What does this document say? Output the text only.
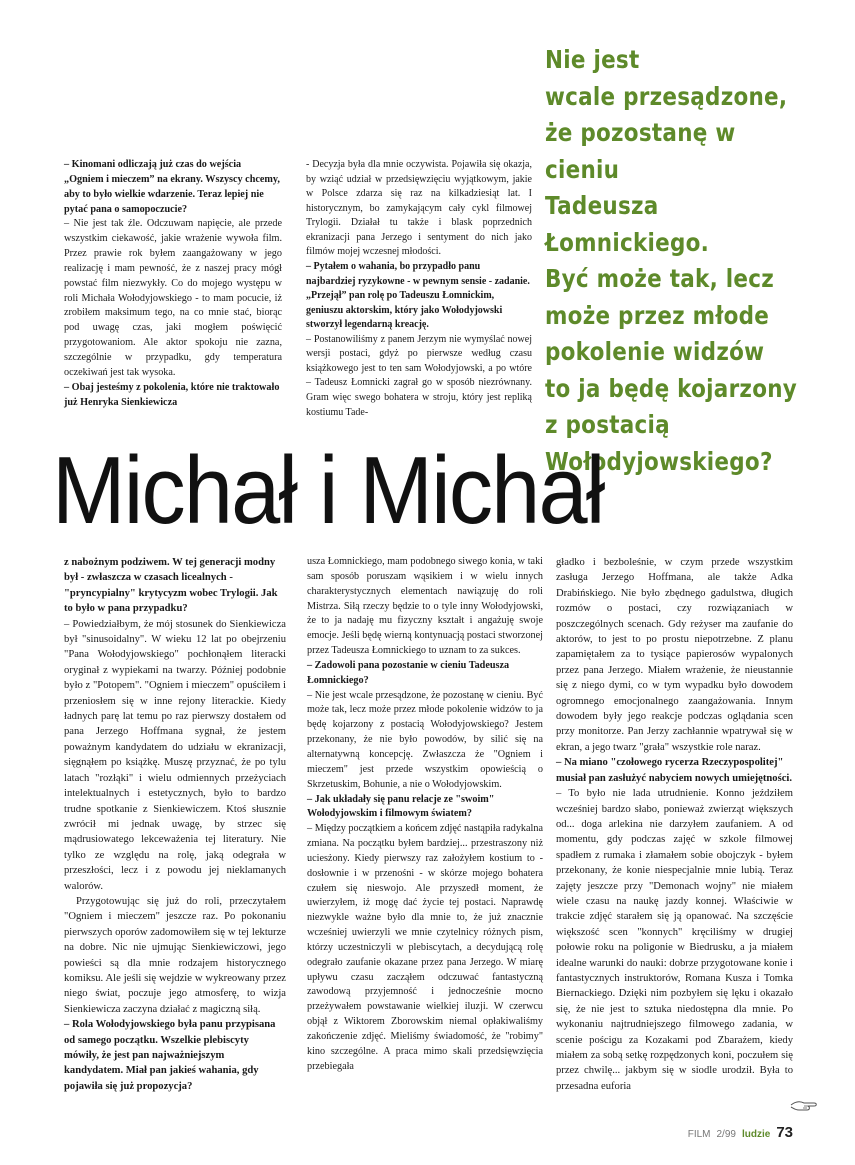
Nie jest
wcale przesądzone,
że pozostanę w cieniu
Tadeusza Łomnickiego.
Być może tak, lecz
może przez młode
pokolenie widzów
to ja będę kojarzony
z postacią
Wołodyjowskiego?

– Kinomani odliczają już czas do wejścia „Ogniem i mieczem” na ekrany. Wszyscy chcemy, aby to było wielkie wdarzenie. Teraz lepiej nie pytać pana o samopoczucie?

– Nie jest tak źle. Odczuwam napięcie, ale przede wszystkim ciekawość, jakie wrażenie wywoła film. Przez prawie rok byłem zaangażowany w jego realizację i mam pewność, że z naszej pracy mógł powstać film niezwykły. Co do mojego występu w roli Michała Wołodyjowskiego - to mam pocucie, iż zrobiłem maksimum tego, na co mnie stać, biorąc pod uwagę czas, jaki mogłem poświęcić przygotowaniom. Ale aktor spokoju nie zazna, szczególnie w przypadku, gdy temperatura oczekiwań jest tak wysoka.

– Obaj jesteśmy z pokolenia, które nie traktowało już Henryka Sienkiewicza

- Decyzja była dla mnie oczywista. Pojawiła się okazja, by wziąć udział w przedsięwzięciu wyjątkowym, jakie w Polsce zdarza się raz na kilkadziesiąt lat. I historycznym, bo zamykającym cały cykl filmowej Trylogii. Działał tu także i blask poprzednich ekranizacji pana Jerzego i sentyment do nich jako filmów mojej wczesnej młodości.

– Pytałem o wahania, bo przypadło panu najbardziej ryzykowne - w pewnym sensie - zadanie. „Przejął” pan rolę po Tadeuszu Łomnickim, geniuszu aktorskim, który jako Wołodyjowski stworzył legendarną kreację.

– Postanowiliśmy z panem Jerzym nie wymyślać nowej wersji postaci, gdyż po pierwsze według czasu książkowego jest to ten sam Wołodyjowski, a po wtóre – Tadeusz Łomnicki zagrał go w sposób niezrównany. Gram więc swego bohatera w stroju, który jest repliką kostiumu Tade-

Michał i Michał

z nabożnym podziwem. W tej generacji modny był - zwłaszcza w czasach licealnych - "pryncypialny" krytycyzm wobec Trylogii. Jak to było w pana przypadku?

– Powiedziałbym, że mój stosunek do Sienkiewicza był "sinusoidalny". W wieku 12 lat po obejrzeniu "Pana Wołodyjowskiego" pochłonąłem literacki oryginał z wypiekami na twarzy. Później podobnie było z "Potopem". "Ogniem i mieczem" opuściłem i przeniosłem się w inne rejony literackie. Kiedy ładnych parę lat temu po raz pierwszy dostałem od pana Jerzego Hoffmana sygnał, że jestem poważnym kandydatem do udziału w ekranizacji, sięgnąłem po książkę. Muszę przyznać, że po tylu latach "rozłąki" i wielu odmiennych przeżyciach intelektualnych i estetycznych, było to bardzo trudne spotkanie z Sienkiewiczem. Ktoś słusznie zwrócił mi jednak uwagę, by strzec się mądrusiowatego lekceważenia tej literatury. Nie tylko ze względu na rolę, jaką odegrała w przeszłości, lecz i z powodu jej nieklamanych walorów.

Przygotowując się już do roli, przeczytałem "Ogniem i mieczem" jeszcze raz. Po pokonaniu pierwszych oporów zadomowiłem się w tej lekturze na dobre. Nic nie ujmując Sienkiewiczowi, jego powieści są dla mnie rodzajem historycznego komiksu. Ale jeśli się wejdzie w wykreowany przez niego świat, poczuje jego atmosferę, to wizja Sienkiewicza zaczyna działać z magiczną siłą.

– Rola Wołodyjowskiego była panu przypisana od samego początku. Wszelkie plebiscyty mówiły, że jest pan najważniejszym kandydatem. Miał pan jakieś wahania, gdy pojawiła się już propozycja?

usza Łomnickiego, mam podobnego siwego konia, w taki sam sposób poruszam wąsikiem i w wielu innych charakterystycznych elementach nawiązuję do roli Mistrza. Siłą rzeczy będzie to o tyle inny Wołodyjowski, że to ja nadaję mu fizyczny kształt i angażuję swoje emocje. Jeśli będę wierną kontynuacją postaci stworzonej przez Tadeusza Łomnickiego to uznam to za sukces.

– Zadowoli pana pozostanie w cieniu Tadeusza Łomnickiego?

– Nie jest wcale przesądzone, że pozostanę w cieniu. Być może tak, lecz może przez młode pokolenie widzów to ja będę kojarzony z postacią Wołodyjowskiego? Jestem przekonany, że nie było powodów, by silić się na alternatywną koncepcję. Zwłaszcza że "Ogniem i mieczem" jest przede wszystkim opowieścią o Skrzetuskim, Bohunie, a nie o Wołodyjowskim.

– Jak układały się panu relacje ze "swoim" Wołodyjowskim i filmowym światem?

– Między początkiem a końcem zdjęć nastąpiła radykalna zmiana. Na początku byłem bardziej... przestraszony niż uciesżony. Kiedy pierwszy raz założyłem kostium to - dosłownie i w przenośni - w skórze mojego bohatera czułem się nieswojo. Ale przyszedł moment, że uwierzyłem, iż mogę dać życie tej postaci. Naprawdę niezwykle ważne było dla mnie to, że już znacznie wcześniej uwierzyli we mnie czytelnicy różnych pism, którzy uczestniczyli w plebiscytach, a decydującą rolę odegrało zaufanie okazane przez pana Jerzego. W miarę upływu czasu zacząłem odczuwać fantastyczną zawodową przyjemność i jednocześnie mocno przeżywałem powstawanie wielkiej iluzji. W czerwcu objął z Wiktorem Zborowskim niemal opłakiwaliśmy zakończenie zdjęć. Mieliśmy świadomość, że "robimy" kino szczególne. A praca mimo skali przedsięwzięcia przebiegała

gładko i bezboleśnie, w czym przede wszystkim zasługa Jerzego Hoffmana, ale także Adka Drabińskiego. Nie było zbędnego gadulstwa, długich rozmów o postaci, czy rozwiązaniach w poszczególnych scenach. Gdy reżyser ma zaufanie do aktorów, to jest to po prostu niepotrzebne. Z planu zapamiętałem za to tysiące papierosów wypalonych przez pana Jerzego. Miałem wrażenie, że nieustannie się z niego dymi, co w tym wypadku było dowodem ogromnego emocjonalnego zaangażowania. Innym dowodem były jego reakcje podczas oglądania scen przy monitorze. Pan Jerzy zachłannie wpatrywał się w ekran, a jego twarz "grała" wszystkie role naraz.

– Na miano "czołowego rycerza Rzeczypospolitej" musiał pan zasłużyć nabyciem nowych umiejętności.

– To było nie lada utrudnienie. Konno jeździłem wcześniej bardzo słabo, ponieważ zwierząt większych od... doga arlekina nie darzyłem zaufaniem. A od momentu, gdy podczas zajęć w szkole filmowej spadłem z rumaka i złamałem sobie obojczyk - byłem przekonany, że konie niespecjalnie mnie lubią. Teraz zajęty jeszcze przy "Demonach wojny" nie miałem wiele czasu na naukę jazdy konnej. Właściwie w trakcie zdjęć starałem się ją opanować. Na szczęście większość scen "konnych" kręciliśmy w drugiej połowie roku na poligonie w Biedrusku, a ja miałem idealne warunki do nauki: dobrze przygotowane konie i fantastycznych instruktorów, Romana Kusza i Tomka Biernackiego. Dzięki nim pozbyłem się lęku i okazało się, że nie jest to sztuka niedostępna dla mnie. Po wykonaniu najtrudniejszego filmowego zadania, w scenie pościgu za Kozakami pod Zbarażem, kiedy miałem za sobą setkę rozpędzonych koni, poczułem się przez chwilę... jakbym się w siodle urodził. Była to przesadna euforia

FILM 2/99 ludzie 73
